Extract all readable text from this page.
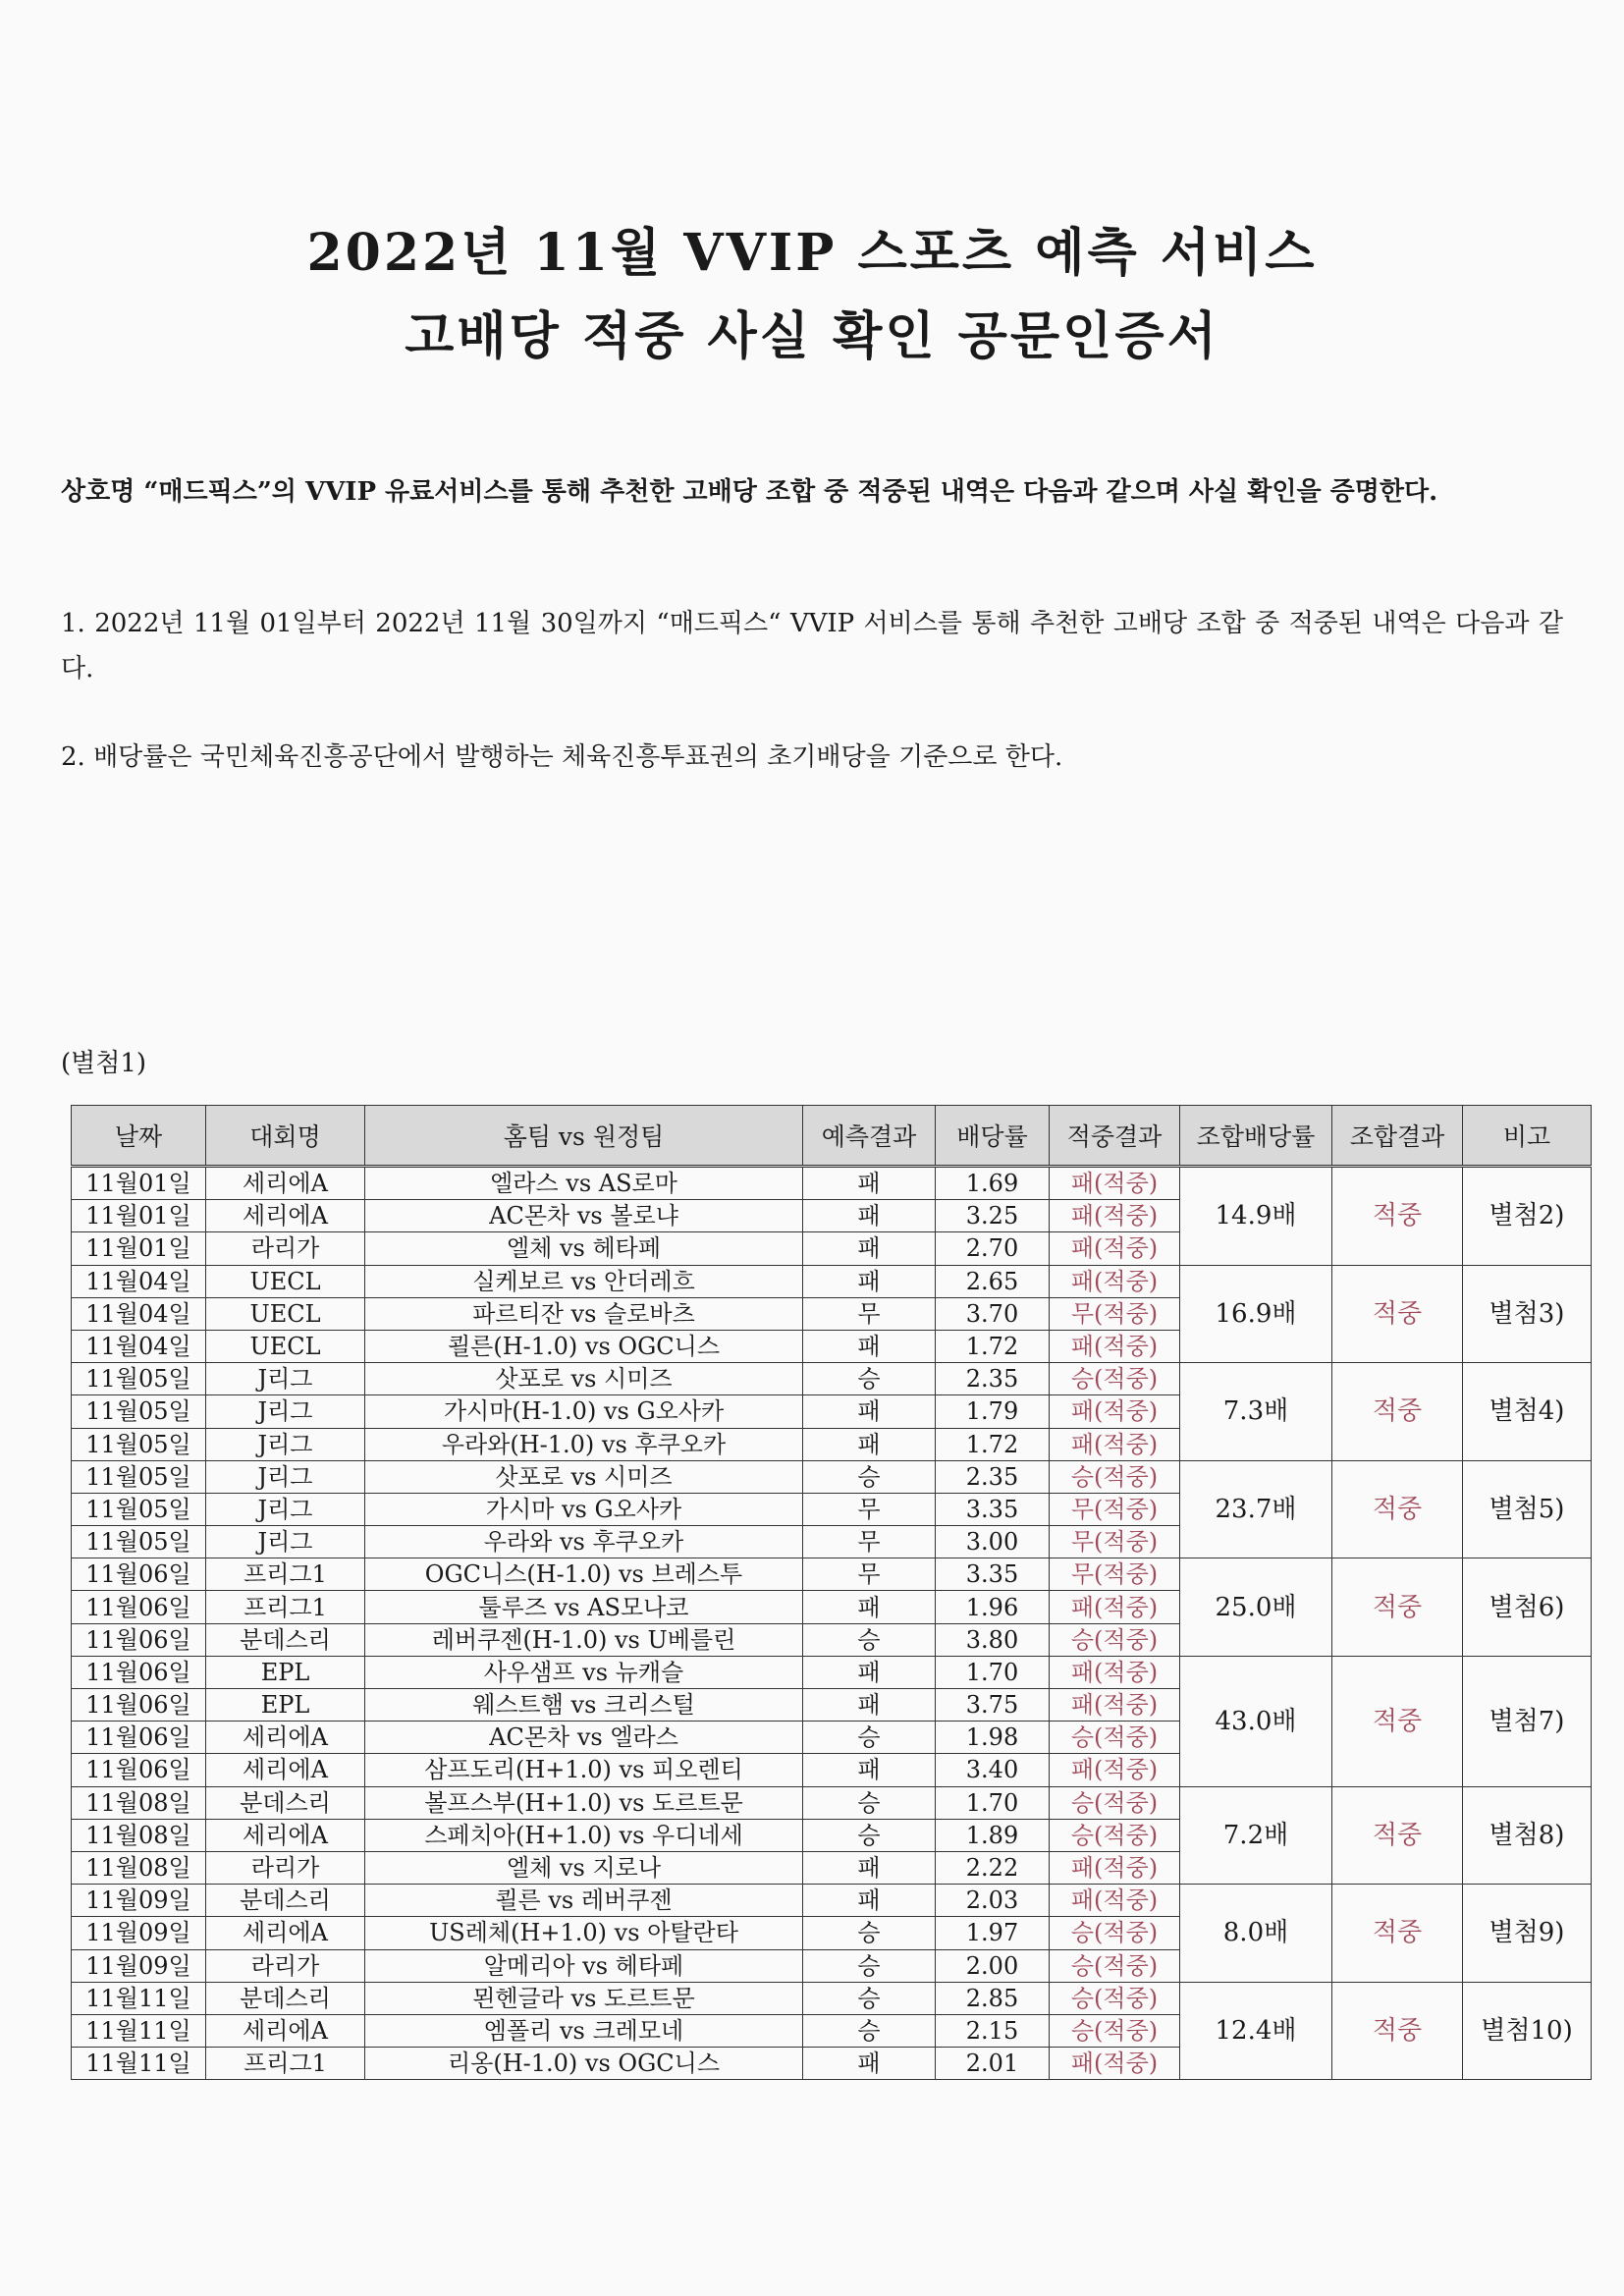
2022년 11월 VVIP 스포츠 예측 서비스
고배당 적중 사실 확인 공문인증서
상호명 “매드픽스”의 VVIP 유료서비스를 통해 추천한 고배당 조합 중 적중된 내역은 다음과 같으며 사실 확인을 증명한다.
1. 2022년 11월 01일부터 2022년 11월 30일까지 “매드픽스“ VVIP 서비스를 통해 추천한 고배당 조합 중 적중된 내역은 다음과 같다.
2. 배당률은 국민체육진흥공단에서 발행하는 체육진흥투표권의 초기배당을 기준으로 한다.
(별첨1)
날짜	대회명	홈팀 vs 원정팀	예측결과	배당률	적중결과	조합배당률	조합결과	비고
11월01일	세리에A	엘라스 vs AS로마	패	1.69	패(적중)	14.9배	적중	별첨2)
11월01일	세리에A	AC몬차 vs 볼로냐	패	3.25	패(적중)			
11월01일	라리가	엘체 vs 헤타페	패	2.70	패(적중)			
11월04일	UECL	실케보르 vs 안더레흐	패	2.65	패(적중)	16.9배	적중	별첨3)
11월04일	UECL	파르티잔 vs 슬로바츠	무	3.70	무(적중)			
11월04일	UECL	쾰른(H-1.0) vs OGC니스	패	1.72	패(적중)			
11월05일	J리그	삿포로 vs 시미즈	승	2.35	승(적중)	7.3배	적중	별첨4)
11월05일	J리그	가시마(H-1.0) vs G오사카	패	1.79	패(적중)			
11월05일	J리그	우라와(H-1.0) vs 후쿠오카	패	1.72	패(적중)			
11월05일	J리그	삿포로 vs 시미즈	승	2.35	승(적중)	23.7배	적중	별첨5)
11월05일	J리그	가시마 vs G오사카	무	3.35	무(적중)			
11월05일	J리그	우라와 vs 후쿠오카	무	3.00	무(적중)			
11월06일	프리그1	OGC니스(H-1.0) vs 브레스투	무	3.35	무(적중)	25.0배	적중	별첨6)
11월06일	프리그1	툴루즈 vs AS모나코	패	1.96	패(적중)			
11월06일	분데스리	레버쿠젠(H-1.0) vs U베를린	승	3.80	승(적중)			
11월06일	EPL	사우샘프 vs 뉴캐슬	패	1.70	패(적중)	43.0배	적중	별첨7)
11월06일	EPL	웨스트햄 vs 크리스털	패	3.75	패(적중)			
11월06일	세리에A	AC몬차 vs 엘라스	승	1.98	승(적중)			
11월06일	세리에A	삼프도리(H+1.0) vs 피오렌티	패	3.40	패(적중)			
11월08일	분데스리	볼프스부(H+1.0) vs 도르트문	승	1.70	승(적중)	7.2배	적중	별첨8)
11월08일	세리에A	스페치아(H+1.0) vs 우디네세	승	1.89	승(적중)			
11월08일	라리가	엘체 vs 지로나	패	2.22	패(적중)			
11월09일	분데스리	쾰른 vs 레버쿠젠	패	2.03	패(적중)	8.0배	적중	별첨9)
11월09일	세리에A	US레체(H+1.0) vs 아탈란타	승	1.97	승(적중)			
11월09일	라리가	알메리아 vs 헤타페	승	2.00	승(적중)			
11월11일	분데스리	묀헨글라 vs 도르트문	승	2.85	승(적중)	12.4배	적중	별첨10)
11월11일	세리에A	엠폴리 vs 크레모네	승	2.15	승(적중)			
11월11일	프리그1	리옹(H-1.0) vs OGC니스	패	2.01	패(적중)			
